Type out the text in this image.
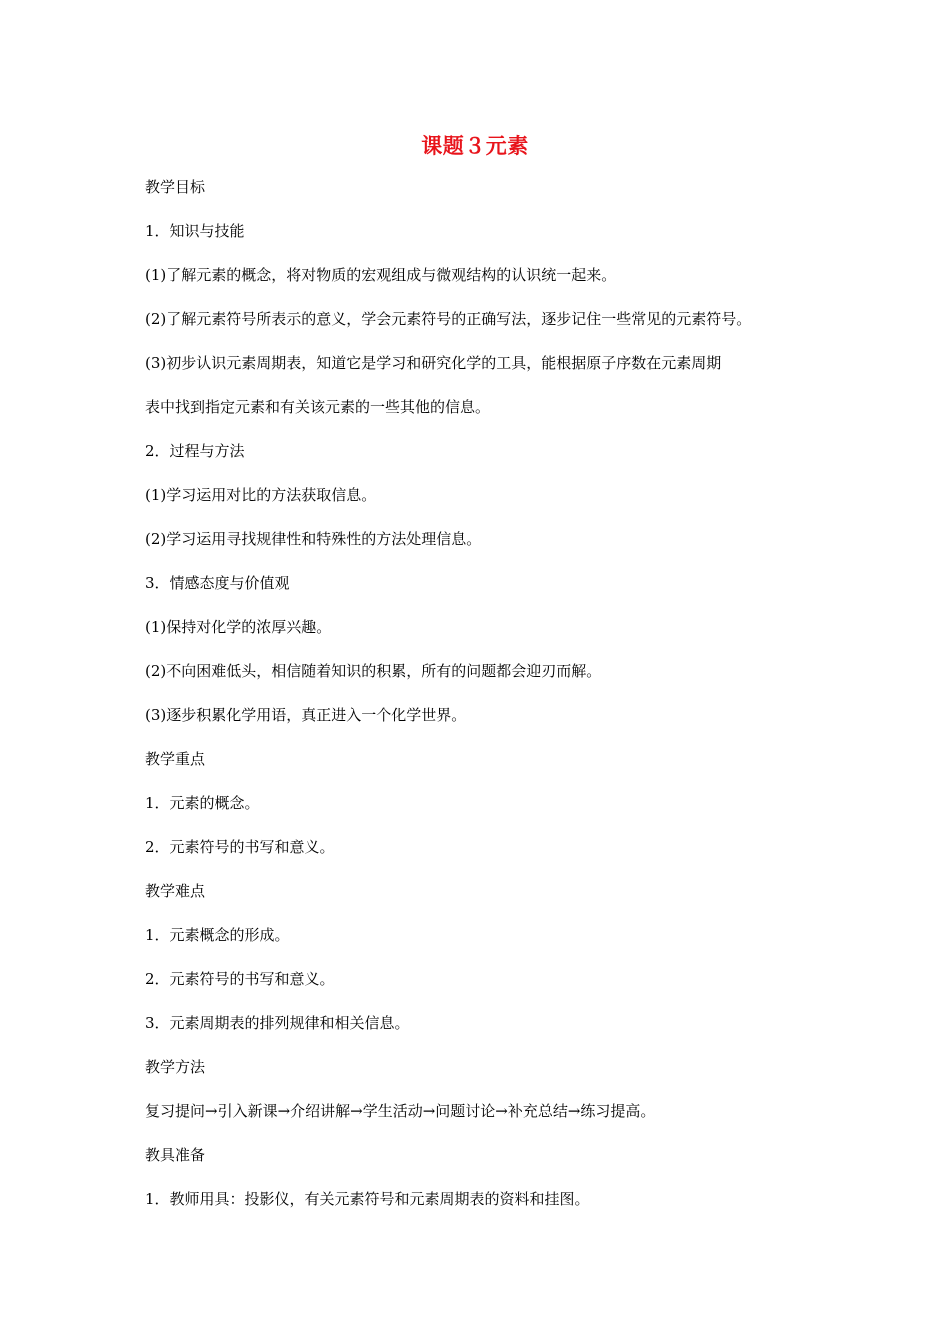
课题３元素
教学目标
1．知识与技能
(1)了解元素的概念，将对物质的宏观组成与微观结构的认识统一起来。
(2)了解元素符号所表示的意义，学会元素符号的正确写法，逐步记住一些常见的元素符号。
(3)初步认识元素周期表，知道它是学习和研究化学的工具，能根据原子序数在元素周期
表中找到指定元素和有关该元素的一些其他的信息。
2．过程与方法
(1)学习运用对比的方法获取信息。
(2)学习运用寻找规律性和特殊性的方法处理信息。
3．情感态度与价值观
(1)保持对化学的浓厚兴趣。
(2)不向困难低头，相信随着知识的积累，所有的问题都会迎刃而解。
(3)逐步积累化学用语，真正进入一个化学世界。
教学重点
1．元素的概念。
2．元素符号的书写和意义。
教学难点
1．元素概念的形成。
2．元素符号的书写和意义。
3．元素周期表的排列规律和相关信息。
教学方法
复习提问→引入新课→介绍讲解→学生活动→问题讨论→补充总结→练习提高。
教具准备
1．教师用具：投影仪，有关元素符号和元素周期表的资料和挂图。
